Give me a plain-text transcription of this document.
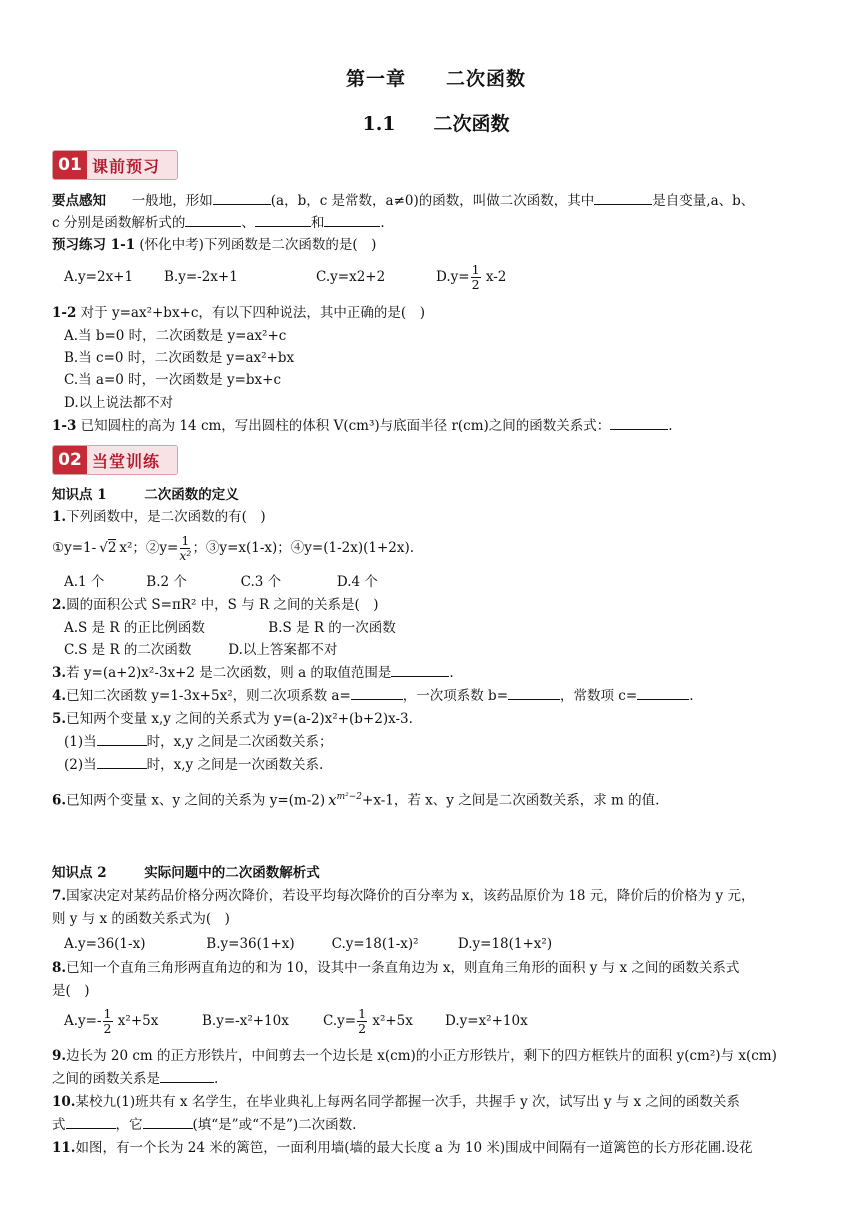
第一章　　二次函数
1.1　　二次函数
01 课前预习
要点感知 一般地，形如	(a，b，c 是常数，a≠0)的函数，叫做二次函数，其中	是自变量,a、b、
c 分别是函数解析式的	、	和	.
预习练习 1-1 (怀化中考)下列函数是二次函数的是(　)
A.y=2x+1	B.y=-2x+1	C.y=x2+2	$D.y= \frac{1}{2} x-2$
1-2 对于 y=ax²+bx+c，有以下四种说法，其中正确的是(　)
A.当 b=0 时，二次函数是 y=ax²+c
B.当 c=0 时，二次函数是 y=ax²+bx
C.当 a=0 时，一次函数是 y=bx+c
D.以上说法都不对
1-3 已知圆柱的高为 14 cm，写出圆柱的体积 V(cm³)与底面半径 r(cm)之间的函数关系式：	.
02 当堂训练
知识点 1	二次函数的定义
1.下列函数中，是二次函数的有(　)
①y=1- √2 x²；②y= $\frac{1}{\text{x²}}$ ；③y=x(1-x)；④y=(1-2x)(1+2x).
A.1 个	B.2 个	C.3 个	D.4 个
2.圆的面积公式 S=πR² 中，S 与 R 之间的关系是(　)
A.S 是 R 的正比例函数	B.S 是 R 的一次函数
C.S 是 R 的二次函数	D.以上答案都不对
3.若 y=(a+2)x²-3x+2 是二次函数，则 a 的取值范围是	.
4.已知二次函数 y=1-3x+5x²，则二次项系数 a=	，一次项系数 b=	，常数项 c=	.
5.已知两个变量 x,y 之间的关系式为 y=(a-2)x²+(b+2)x-3.
(1)当	时，x,y 之间是二次函数关系；
(2)当	时，x,y 之间是一次函数关系.
6.已知两个变量 x、y 之间的关系为 y=(m-2) $x^{m^2-2}+x-1$，若 x、y 之间是二次函数关系，求 m 的值.
知识点 2	实际问题中的二次函数解析式
7.国家决定对某药品价格分两次降价，若设平均每次降价的百分率为 x，该药品原价为 18 元，降价后的价格为 y 元，
则 y 与 x 的函数关系式为(　)
A.y=36(1-x)	B.y=36(1+x)	C.y=18(1-x)²	D.y=18(1+x²)
8.已知一个直角三角形两直角边的和为 10，设其中一条直角边为 x，则直角三角形的面积 y 与 x 之间的函数关系式
是(　)
$A.y=- \frac{1}{2} x^2+5x$	B.y=-x²+10x	$C.y= \frac{1}{2} x^2+5x$	D.y=x²+10x
9.边长为 20 cm 的正方形铁片，中间剪去一个边长是 x(cm)的小正方形铁片，剩下的四方框铁片的面积 y(cm²)与 x(cm)
之间的函数关系是	.
10.某校九(1)班共有 x 名学生，在毕业典礼上每两名同学都握一次手，共握手 y 次，试写出 y 与 x 之间的函数关系
式	，它	(填“是”或“不是”)二次函数.
11.如图，有一个长为 24 米的篱笆，一面利用墙(墙的最大长度 a 为 10 米)围成中间隔有一道篱笆的长方形花圃.设花
